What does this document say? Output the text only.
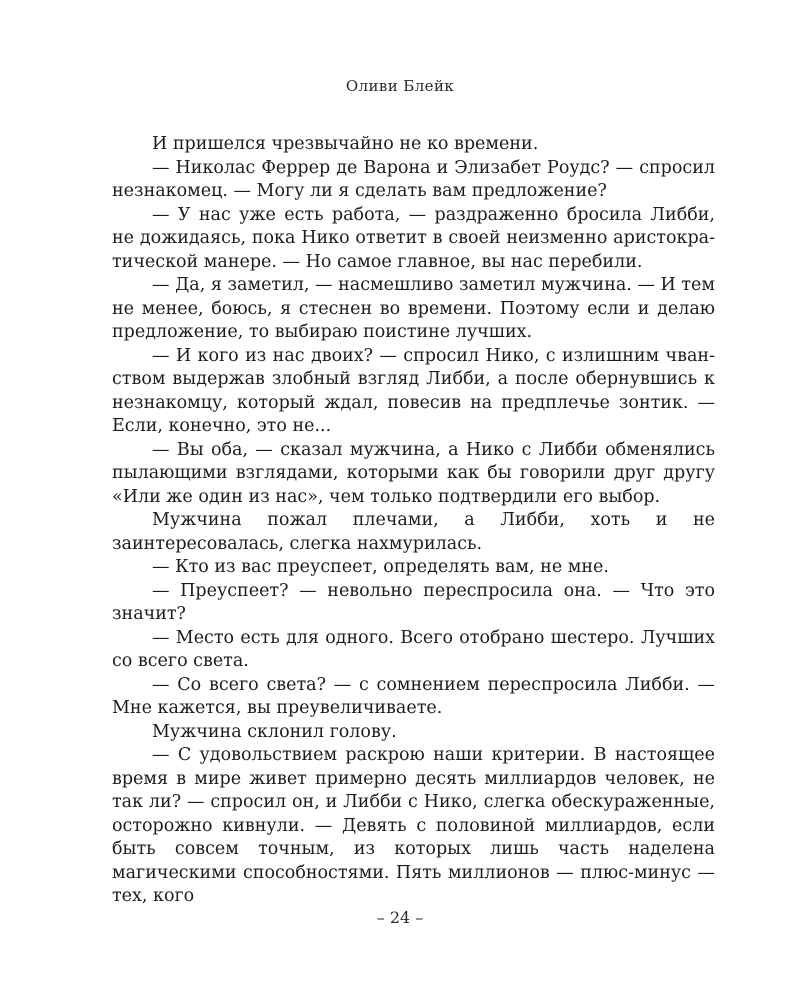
Оливи Блейк

И пришелся чрезвычайно не ко времени.

— Николас Феррер де Варона и Элизабет Роудс? — спросил незнакомец. — Могу ли я сделать вам предложение?

— У нас уже есть работа, — раздраженно бросила Либби, не дожидаясь, пока Нико ответит в своей неизменно аристократической манере. — Но самое главное, вы нас перебили.

— Да, я заметил, — насмешливо заметил мужчина. — И тем не менее, боюсь, я стеснен во времени. Поэтому если и делаю предложение, то выбираю поистине лучших.

— И кого из нас двоих? — спросил Нико, с излишним чванством выдержав злобный взгляд Либби, а после обернувшись к незнакомцу, который ждал, повесив на предплечье зонтик. — Если, конечно, это не...

— Вы оба, — сказал мужчина, а Нико с Либби обменялись пылающими взглядами, которыми как бы говорили друг другу «Или же один из нас», чем только подтвердили его выбор.

Мужчина пожал плечами, а Либби, хоть и не заинтересовалась, слегка нахмурилась.

— Кто из вас преуспеет, определять вам, не мне.

— Преуспеет? — невольно переспросила она. — Что это значит?

— Место есть для одного. Всего отобрано шестеро. Лучших со всего света.

— Со всего света? — с сомнением переспросила Либби. — Мне кажется, вы преувеличиваете.

Мужчина склонил голову.

— С удовольствием раскрою наши критерии. В настоящее время в мире живет примерно десять миллиардов человек, не так ли? — спросил он, и Либби с Нико, слегка обескураженные, осторожно кивнули. — Девять с половиной миллиардов, если быть совсем точным, из которых лишь часть наделена магическими способностями. Пять миллионов — плюс-минус — тех, кого

– 24 –
